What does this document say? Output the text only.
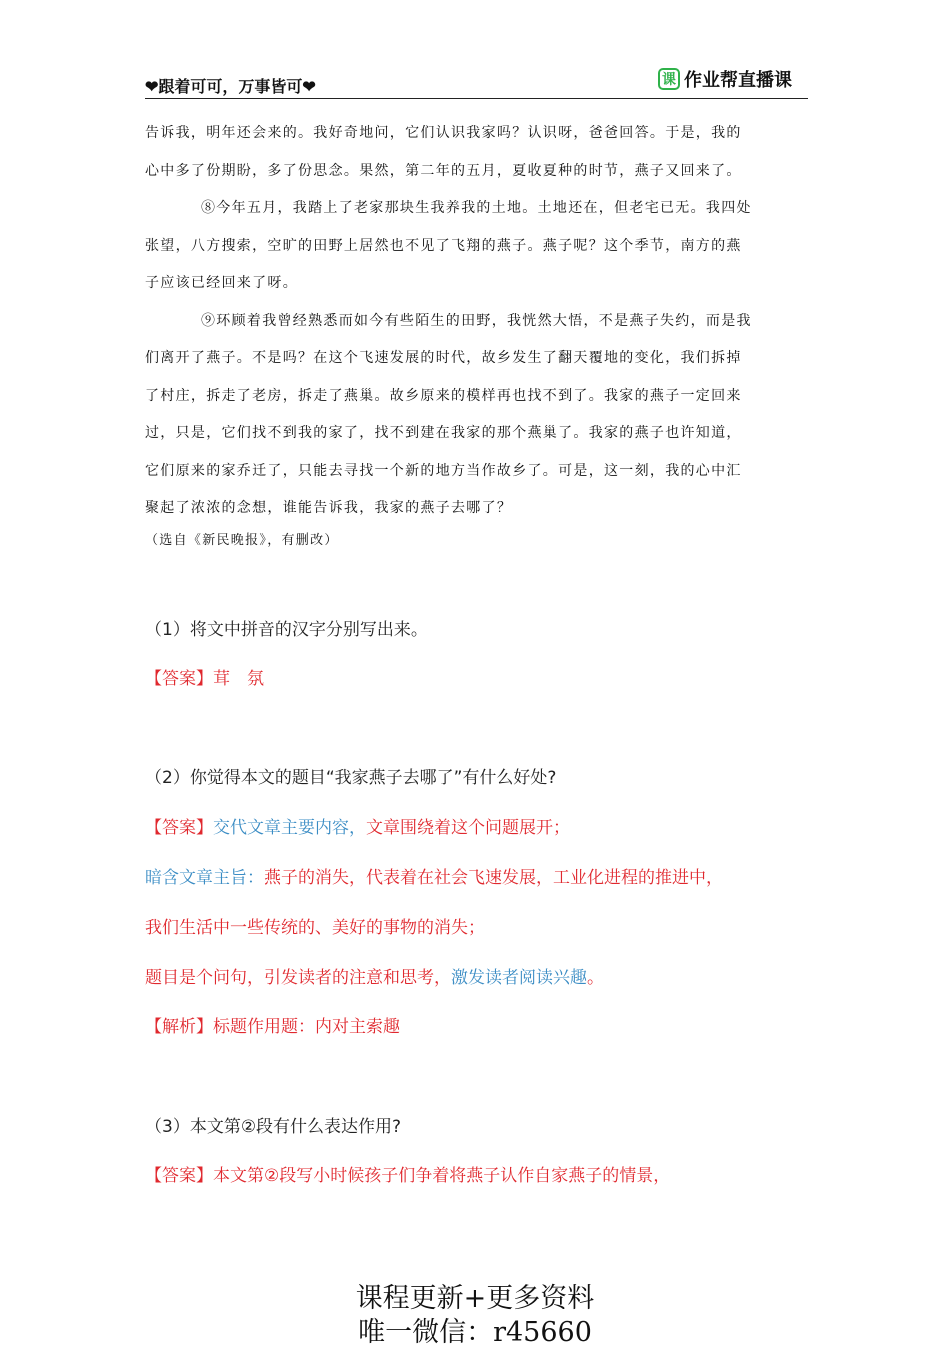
❤跟着可可，万事皆可❤	课 作业帮直播课
告诉我，明年还会来的。我好奇地问，它们认识我家吗？认识呀，爸爸回答。于是，我的
心中多了份期盼，多了份思念。果然，第二年的五月，夏收夏种的时节，燕子又回来了。
⑧今年五月，我踏上了老家那块生我养我的土地。土地还在，但老宅已无。我四处
张望，八方搜索，空旷的田野上居然也不见了飞翔的燕子。燕子呢？这个季节，南方的燕
子应该已经回来了呀。
⑨环顾着我曾经熟悉而如今有些陌生的田野，我恍然大悟，不是燕子失约，而是我
们离开了燕子。不是吗？在这个飞速发展的时代，故乡发生了翻天覆地的变化，我们拆掉
了村庄，拆走了老房，拆走了燕巢。故乡原来的模样再也找不到了。我家的燕子一定回来
过，只是，它们找不到我的家了，找不到建在我家的那个燕巢了。我家的燕子也许知道，
它们原来的家乔迁了，只能去寻找一个新的地方当作故乡了。可是，这一刻，我的心中汇
聚起了浓浓的念想，谁能告诉我，我家的燕子去哪了？
（选自《新民晚报》，有删改）
（1）将文中拼音的汉字分别写出来。
【答案】茸　氛
（2）你觉得本文的题目“我家燕子去哪了”有什么好处?
【答案】交代文章主要内容，文章围绕着这个问题展开；
暗含文章主旨：燕子的消失，代表着在社会飞速发展，工业化进程的推进中，
我们生活中一些传统的、美好的事物的消失；
题目是个问句，引发读者的注意和思考，激发读者阅读兴趣。
【解析】标题作用题：内对主索趣
（3）本文第②段有什么表达作用?
【答案】本文第②段写小时候孩子们争着将燕子认作自家燕子的情景，
课程更新+更多资料
唯一微信：r45660
